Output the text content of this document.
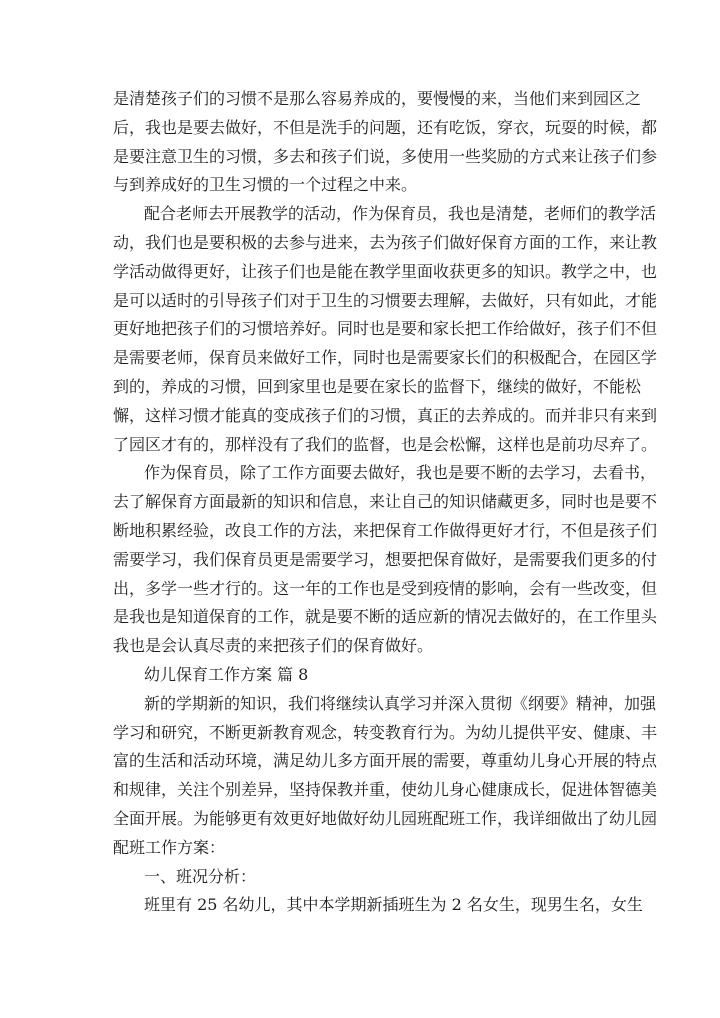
是清楚孩子们的习惯不是那么容易养成的，要慢慢的来，当他们来到园区之
后，我也是要去做好，不但是洗手的问题，还有吃饭，穿衣，玩耍的时候，都
是要注意卫生的习惯，多去和孩子们说，多使用一些奖励的方式来让孩子们参
与到养成好的卫生习惯的一个过程之中来。
配合老师去开展教学的活动，作为保育员，我也是清楚，老师们的教学活
动，我们也是要积极的去参与进来，去为孩子们做好保育方面的工作，来让教
学活动做得更好，让孩子们也是能在教学里面收获更多的知识。教学之中，也
是可以适时的引导孩子们对于卫生的习惯要去理解，去做好，只有如此，才能
更好地把孩子们的习惯培养好。同时也是要和家长把工作给做好，孩子们不但
是需要老师，保育员来做好工作，同时也是需要家长们的积极配合，在园区学
到的，养成的习惯，回到家里也是要在家长的监督下，继续的做好，不能松
懈，这样习惯才能真的变成孩子们的习惯，真正的去养成的。而并非只有来到
了园区才有的，那样没有了我们的监督，也是会松懈，这样也是前功尽弃了。
作为保育员，除了工作方面要去做好，我也是要不断的去学习，去看书，
去了解保育方面最新的知识和信息，来让自己的知识储藏更多，同时也是要不
断地积累经验，改良工作的方法，来把保育工作做得更好才行，不但是孩子们
需要学习，我们保育员更是需要学习，想要把保育做好，是需要我们更多的付
出，多学一些才行的。这一年的工作也是受到疫情的影响，会有一些改变，但
是我也是知道保育的工作，就是要不断的适应新的情况去做好的，在工作里头
我也是会认真尽责的来把孩子们的保育做好。
幼儿保育工作方案 篇 8
新的学期新的知识，我们将继续认真学习并深入贯彻《纲要》精神，加强
学习和研究，不断更新教育观念，转变教育行为。为幼儿提供平安、健康、丰
富的生活和活动环境，满足幼儿多方面开展的需要，尊重幼儿身心开展的特点
和规律，关注个别差异，坚持保教并重，使幼儿身心健康成长，促进体智德美
全面开展。为能够更有效更好地做好幼儿园班配班工作，我详细做出了幼儿园
配班工作方案：
一、班况分析：
班里有 25 名幼儿，其中本学期新插班生为 2 名女生，现男生名，女生
